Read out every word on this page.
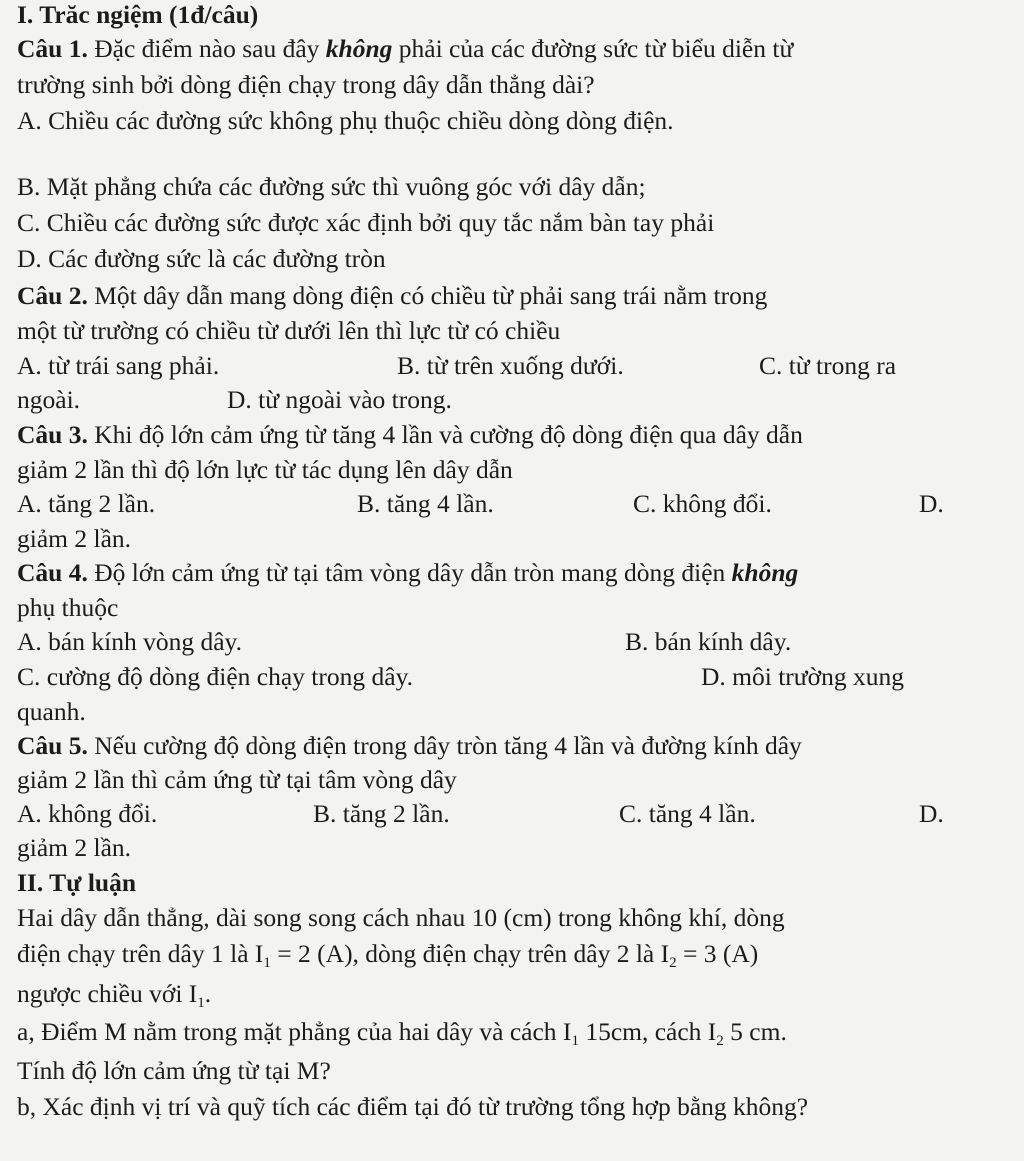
I. Trăc ngiệm (1đ/câu)
Câu 1. Đặc điểm nào sau đây không phải của các đường sức từ biểu diễn từ
trường sinh bởi dòng điện chạy trong dây dẫn thẳng dài?
A. Chiều các đường sức không phụ thuộc chiều dòng dòng điện.
B. Mặt phẳng chứa các đường sức thì vuông góc với dây dẫn;
C. Chiều các đường sức được xác định bởi quy tắc nắm bàn tay phải
D. Các đường sức là các đường tròn
Câu 2. Một dây dẫn mang dòng điện có chiều từ phải sang trái nằm trong
một từ trường có chiều từ dưới lên thì lực từ có chiều
A. từ trái sang phải.	B. từ trên xuống dưới.	C. từ trong ra
ngoài.	D. từ ngoài vào trong.
Câu 3. Khi độ lớn cảm ứng từ tăng 4 lần và cường độ dòng điện qua dây dẫn
giảm 2 lần thì độ lớn lực từ tác dụng lên dây dẫn
A. tăng 2 lần.	B. tăng 4 lần.	C. không đổi.	D.
giảm 2 lần.
Câu 4. Độ lớn cảm ứng từ tại tâm vòng dây dẫn tròn mang dòng điện không
phụ thuộc
A. bán kính vòng dây.	B. bán kính dây.
C. cường độ dòng điện chạy trong dây.	D. môi trường xung
quanh.
Câu 5. Nếu cường độ dòng điện trong dây tròn tăng 4 lần và đường kính dây
giảm 2 lần thì cảm ứng từ tại tâm vòng dây
A. không đổi.	B. tăng 2 lần.	C. tăng 4 lần.	D.
giảm 2 lần.
II. Tự luận
Hai dây dẫn thẳng, dài song song cách nhau 10 (cm) trong không khí, dòng
điện chạy trên dây 1 là $I_1 = 2$ (A), dòng điện chạy trên dây 2 là $I_2 = 3$ (A)
ngược chiều với $I_1$.
a, Điểm M nằm trong mặt phẳng của hai dây và cách $I_1$ 15cm, cách $I_2$ 5 cm.
Tính độ lớn cảm ứng từ tại M?
b, Xác định vị trí và quỹ tích các điểm tại đó từ trường tổng hợp bằng không?
